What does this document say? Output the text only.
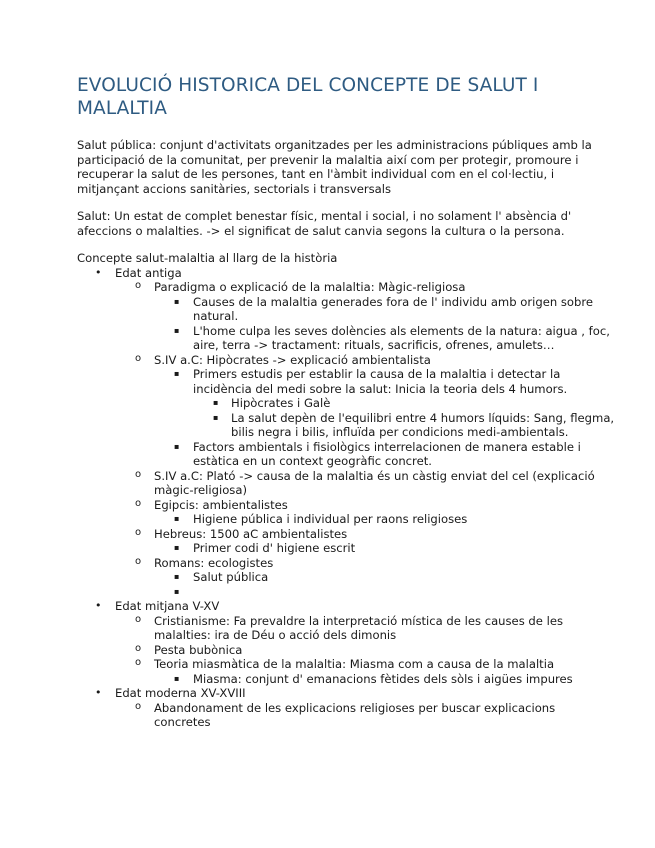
EVOLUCIÓ HISTORICA DEL CONCEPTE DE SALUT I MALALTIA

Salut pública: conjunt d'activitats organitzades per les administracions públiques amb la participació de la comunitat, per prevenir la malaltia així com per protegir, promoure i recuperar la salut de les persones, tant en l'àmbit individual com en el col·lectiu, i mitjançant accions sanitàries, sectorials i transversals

Salut: Un estat de complet benestar físic, mental i social, i no solament l' absència d' afeccions o malalties. -> el significat de salut canvia segons la cultura o la persona.

Concepte salut-malaltia al llarg de la història

• Edat antiga
o Paradigma o explicació de la malaltia: Màgic-religiosa
▪ Causes de la malaltia generades fora de l' individu amb origen sobre natural.
▪ L'home culpa les seves dolències als elements de la natura: aigua , foc, aire, terra -> tractament: rituals, sacrificis, ofrenes, amulets…
o S.IV a.C: Hipòcrates -> explicació ambientalista
▪ Primers estudis per establir la causa de la malaltia i detectar la incidència del medi sobre la salut: Inicia la teoria dels 4 humors.
▪ Hipòcrates i Galè
▪ La salut depèn de l'equilibri entre 4 humors líquids: Sang, flegma, bilis negra i bilis, influïda per condicions medi-ambientals.
▪ Factors ambientals i fisiològics interrelacionen de manera estable i estàtica en un context geogràfic concret.
o S.IV a.C: Plató -> causa de la malaltia és un càstig enviat del cel (explicació màgic-religiosa)
o Egipcis: ambientalistes
▪ Higiene pública i individual per raons religioses
o Hebreus: 1500 aC ambientalistes
▪ Primer codi d' higiene escrit
o Romans: ecologistes
▪ Salut pública
▪
• Edat mitjana V-XV
o Cristianisme: Fa prevaldre la interpretació mística de les causes de les malalties: ira de Déu o acció dels dimonis
o Pesta bubònica
o Teoria miasmàtica de la malaltia: Miasma com a causa de la malaltia
▪ Miasma: conjunt d' emanacions fètides dels sòls i aigües impures
• Edat moderna XV-XVIII
o Abandonament de les explicacions religioses per buscar explicacions concretes
